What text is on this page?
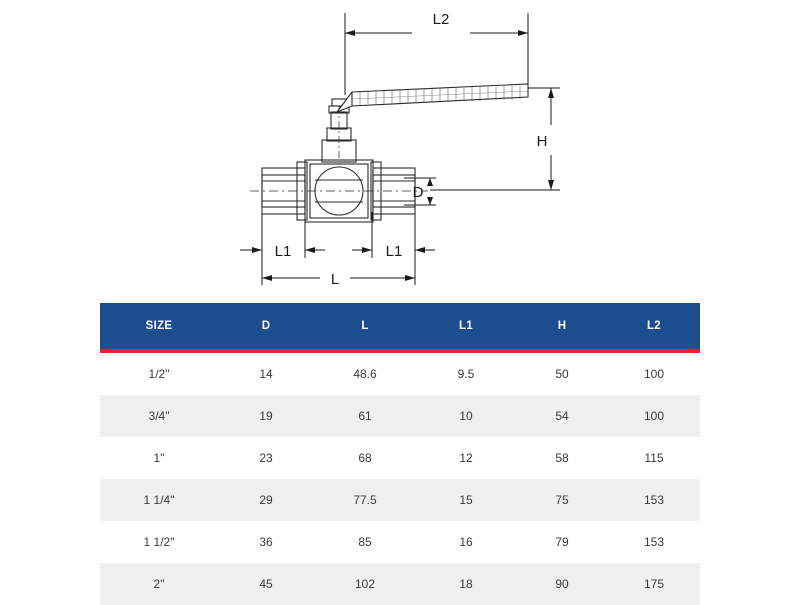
L2
H
D
L1	L1
L
SIZE	D	L	L1	H	L2

1/2"	14	48.6	9.5	50	100
3/4"	19	61	10	54	100
1"	23	68	12	58	115
1 1/4"	29	77.5	15	75	153
1 1/2"	36	85	16	79	153
2"	45	102	18	90	175
